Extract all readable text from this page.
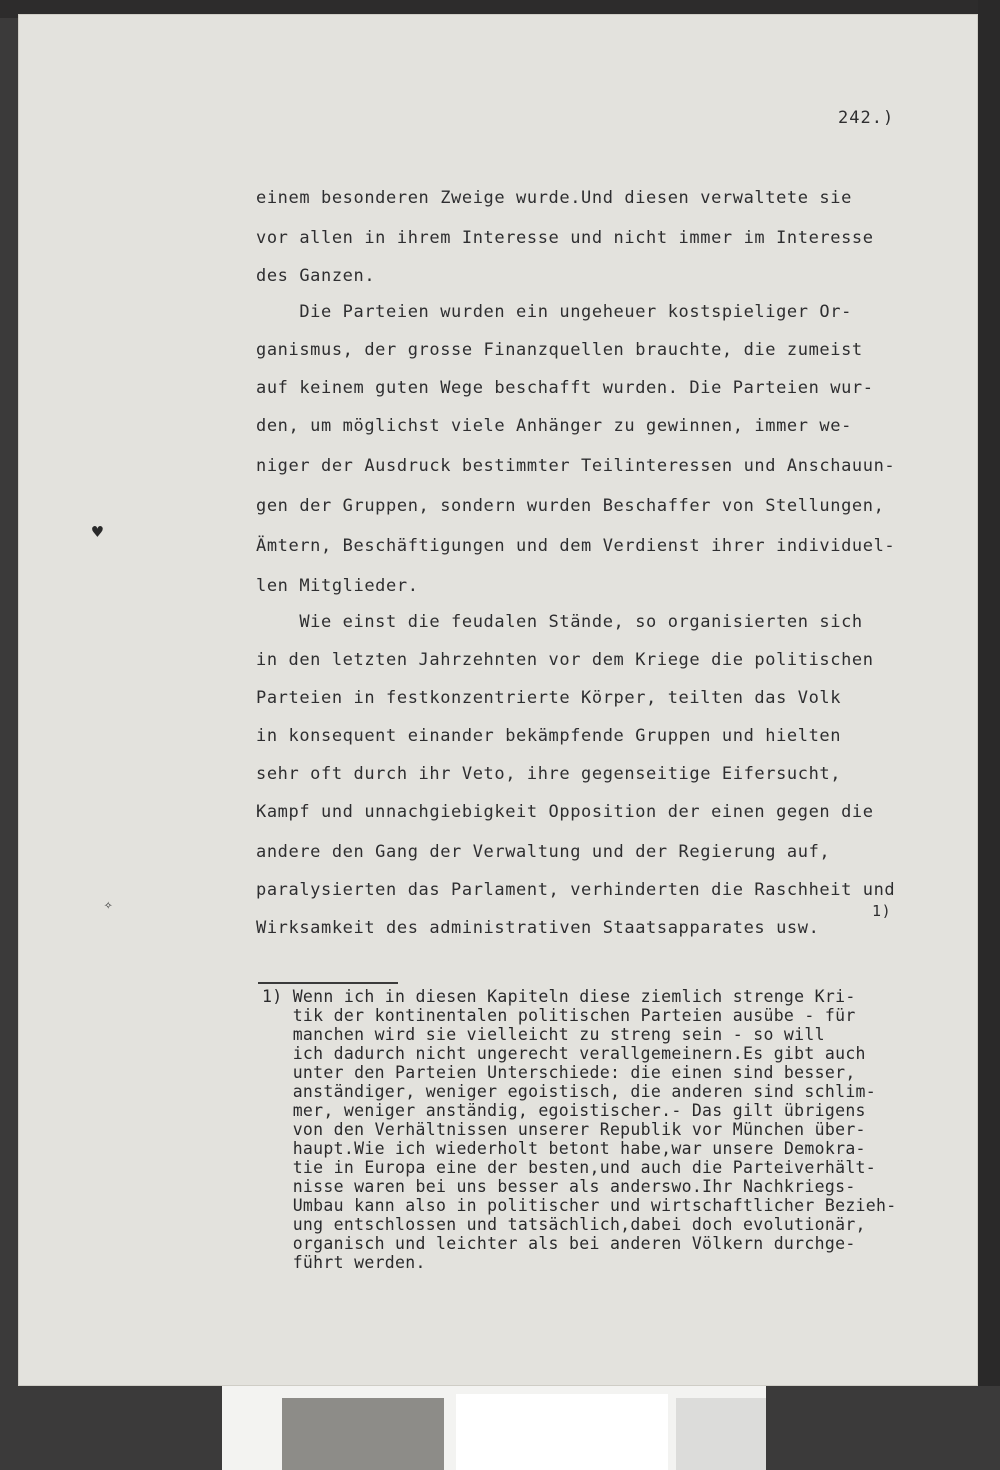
♥
✧
242.)
einem besonderen Zweige wurde.Und diesen verwaltete sie
vor allen in ihrem Interesse und nicht immer im Interesse
des Ganzen.
Die Parteien wurden ein ungeheuer kostspieliger Or-
ganismus, der grosse Finanzquellen brauchte, die zumeist
auf keinem guten Wege beschafft wurden. Die Parteien wur-
den, um möglichst viele Anhänger zu gewinnen, immer we-
niger der Ausdruck bestimmter Teilinteressen und Anschauun-
gen der Gruppen, sondern wurden Beschaffer von Stellungen,
Ämtern, Beschäftigungen und dem Verdienst ihrer individuel-
len Mitglieder.
Wie einst die feudalen Stände, so organisierten sich
in den letzten Jahrzehnten vor dem Kriege die politischen
Parteien in festkonzentrierte Körper, teilten das Volk
in konsequent einander bekämpfende Gruppen und hielten
sehr oft durch ihr Veto, ihre gegenseitige Eifersucht,
Kampf und unnachgiebigkeit Opposition der einen gegen die
andere den Gang der Verwaltung und der Regierung auf,
paralysierten das Parlament, verhinderten die Raschheit und
Wirksamkeit des administrativen Staatsapparates usw.
1)
1) Wenn ich in diesen Kapiteln diese ziemlich strenge Kri-
tik der kontinentalen politischen Parteien ausübe - für
manchen wird sie vielleicht zu streng sein - so will
ich dadurch nicht ungerecht verallgemeinern.Es gibt auch
unter den Parteien Unterschiede: die einen sind besser,
anständiger, weniger egoistisch, die anderen sind schlim-
mer, weniger anständig, egoistischer.- Das gilt übrigens
von den Verhältnissen unserer Republik vor München über-
haupt.Wie ich wiederholt betont habe,war unsere Demokra-
tie in Europa eine der besten,und auch die Parteiverhält-
nisse waren bei uns besser als anderswo.Ihr Nachkriegs-
Umbau kann also in politischer und wirtschaftlicher Bezieh-
ung entschlossen und tatsächlich,dabei doch evolutionär,
organisch und leichter als bei anderen Völkern durchge-
führt werden.
